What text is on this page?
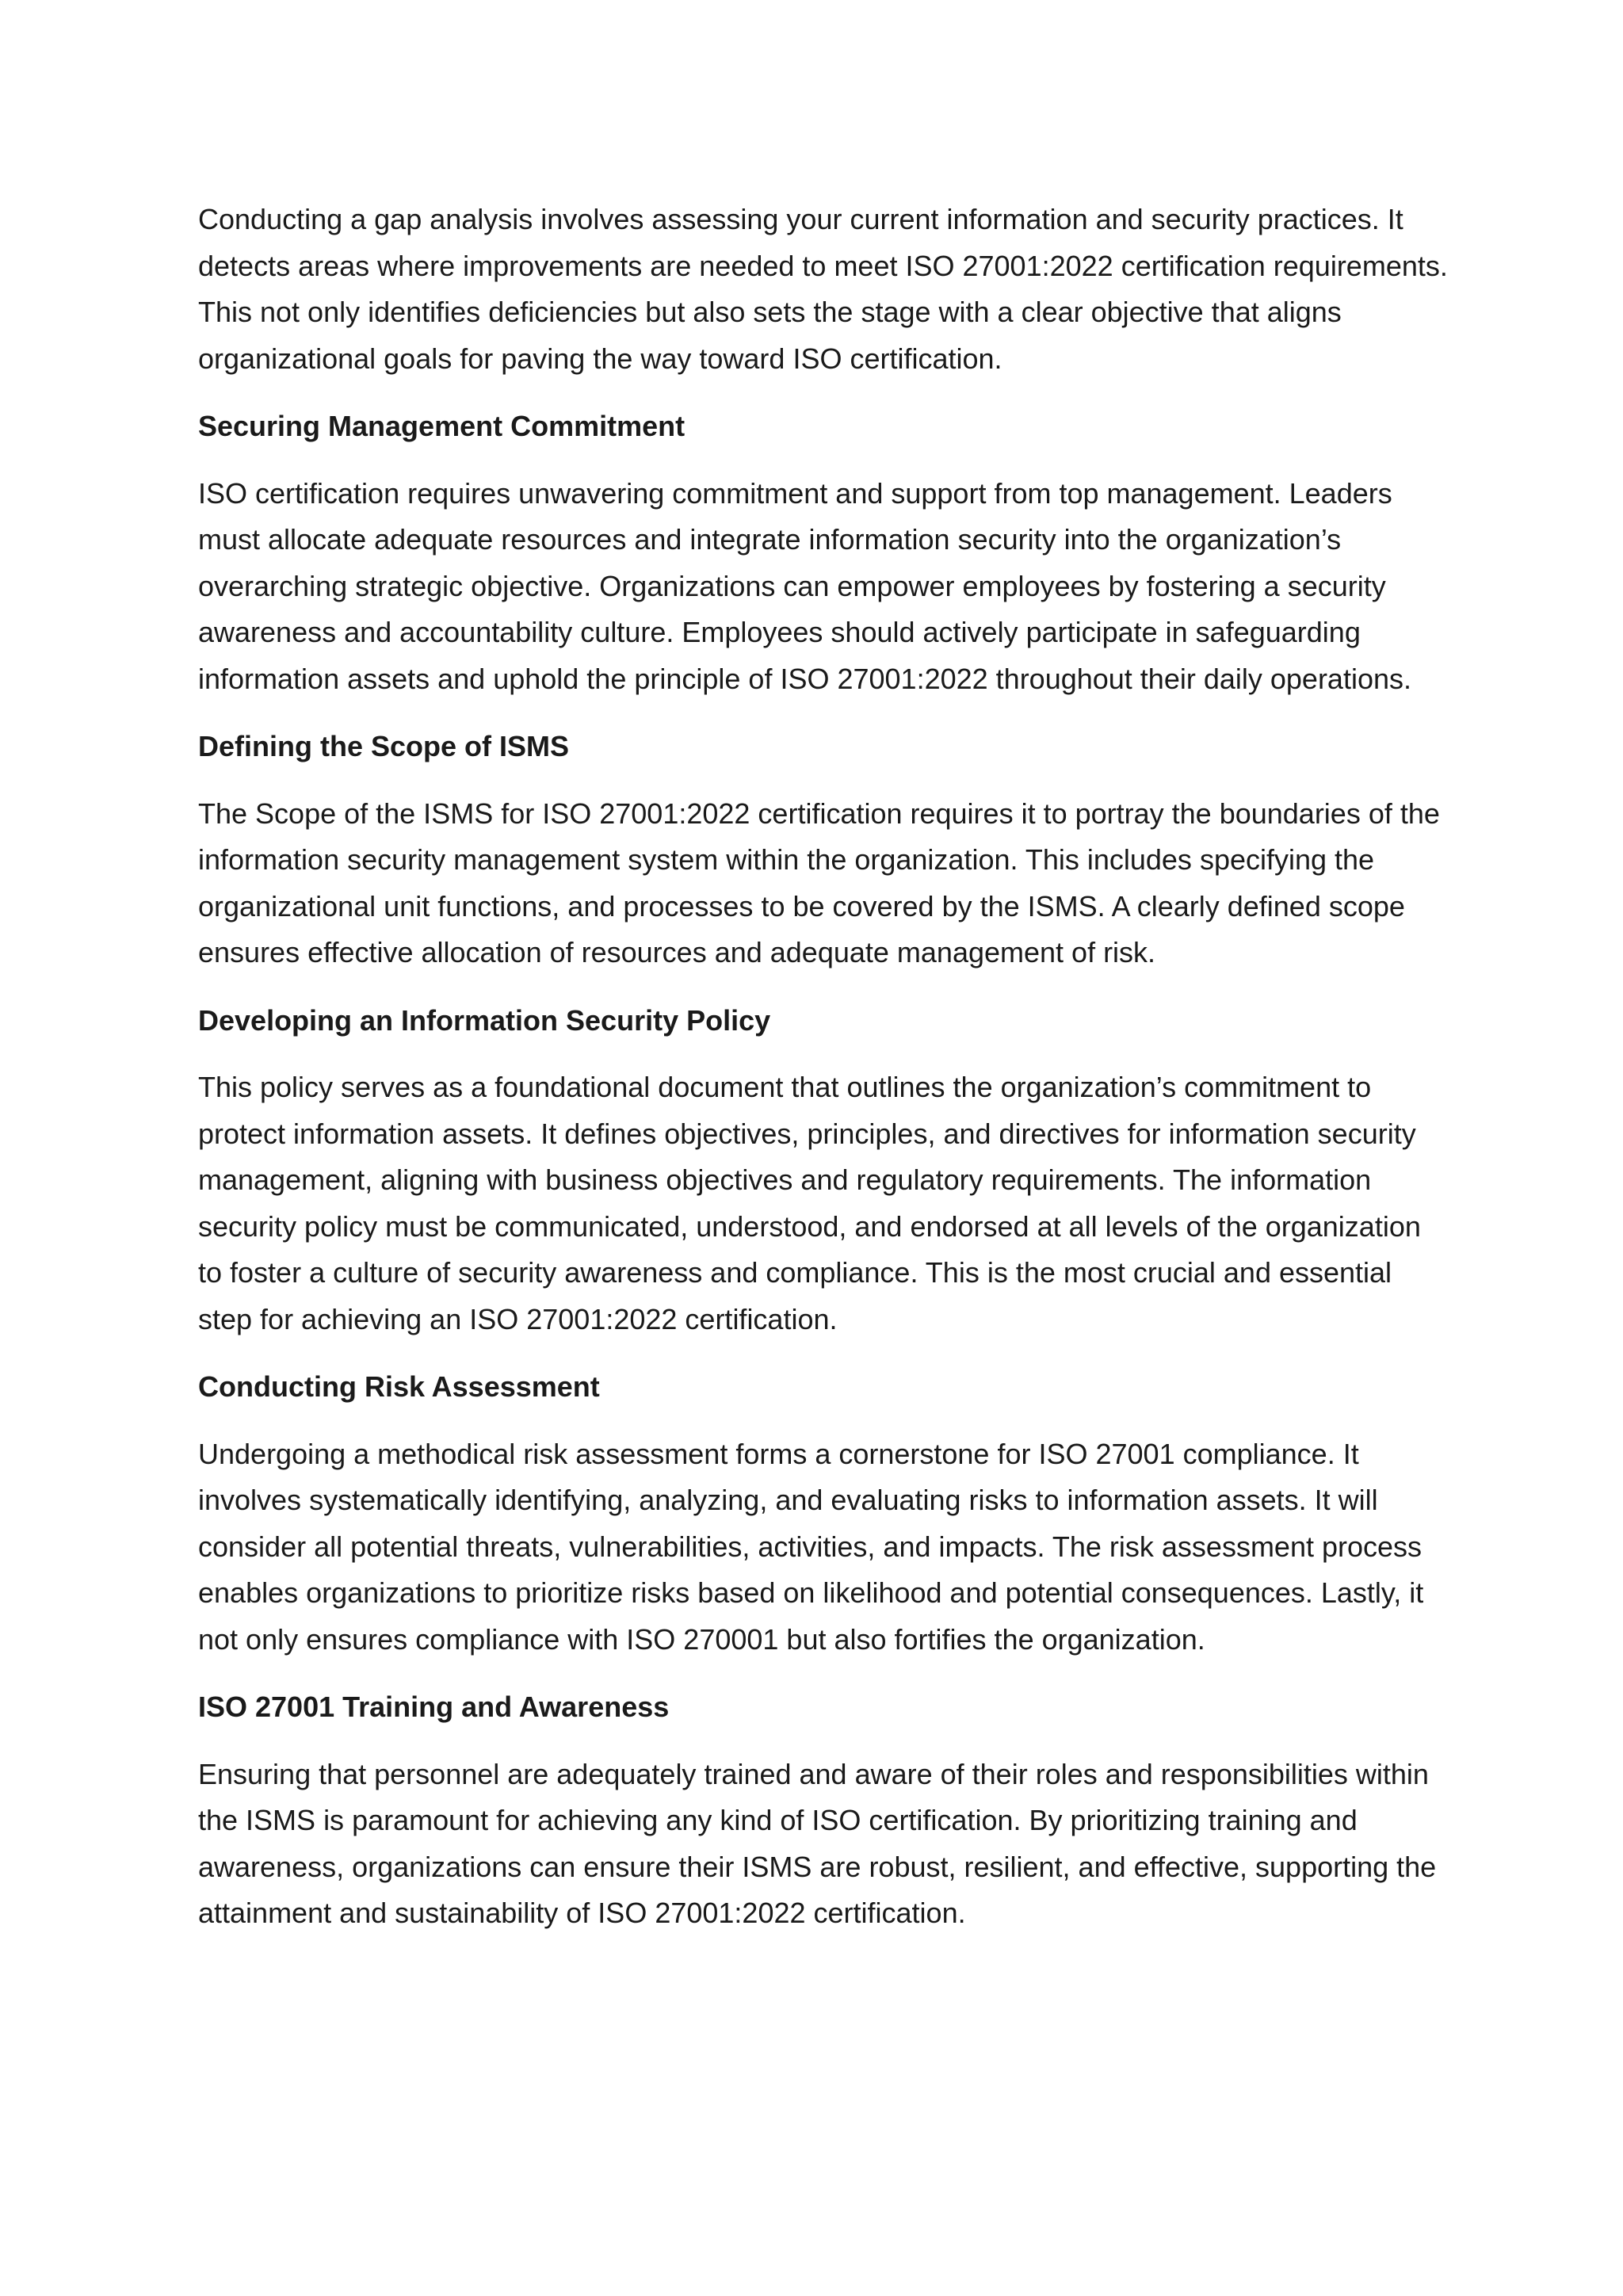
Conducting a gap analysis involves assessing your current information and security practices. It detects areas where improvements are needed to meet ISO 27001:2022 certification requirements. This not only identifies deficiencies but also sets the stage with a clear objective that aligns organizational goals for paving the way toward ISO certification.

Securing Management Commitment

ISO certification requires unwavering commitment and support from top management. Leaders must allocate adequate resources and integrate information security into the organization’s overarching strategic objective. Organizations can empower employees by fostering a security awareness and accountability culture. Employees should actively participate in safeguarding information assets and uphold the principle of ISO 27001:2022 throughout their daily operations.

Defining the Scope of ISMS

The Scope of the ISMS for ISO 27001:2022 certification requires it to portray the boundaries of the information security management system within the organization. This includes specifying the organizational unit functions, and processes to be covered by the ISMS. A clearly defined scope ensures effective allocation of resources and adequate management of risk.

Developing an Information Security Policy

This policy serves as a foundational document that outlines the organization’s commitment to protect information assets. It defines objectives, principles, and directives for information security management, aligning with business objectives and regulatory requirements. The information security policy must be communicated, understood, and endorsed at all levels of the organization to foster a culture of security awareness and compliance. This is the most crucial and essential step for achieving an ISO 27001:2022 certification.

Conducting Risk Assessment

Undergoing a methodical risk assessment forms a cornerstone for ISO 27001 compliance. It involves systematically identifying, analyzing, and evaluating risks to information assets. It will consider all potential threats, vulnerabilities, activities, and impacts. The risk assessment process enables organizations to prioritize risks based on likelihood and potential consequences. Lastly, it not only ensures compliance with ISO 270001 but also fortifies the organization.

ISO 27001 Training and Awareness

Ensuring that personnel are adequately trained and aware of their roles and responsibilities within the ISMS is paramount for achieving any kind of ISO certification. By prioritizing training and awareness, organizations can ensure their ISMS are robust, resilient, and effective, supporting the attainment and sustainability of ISO 27001:2022 certification.
